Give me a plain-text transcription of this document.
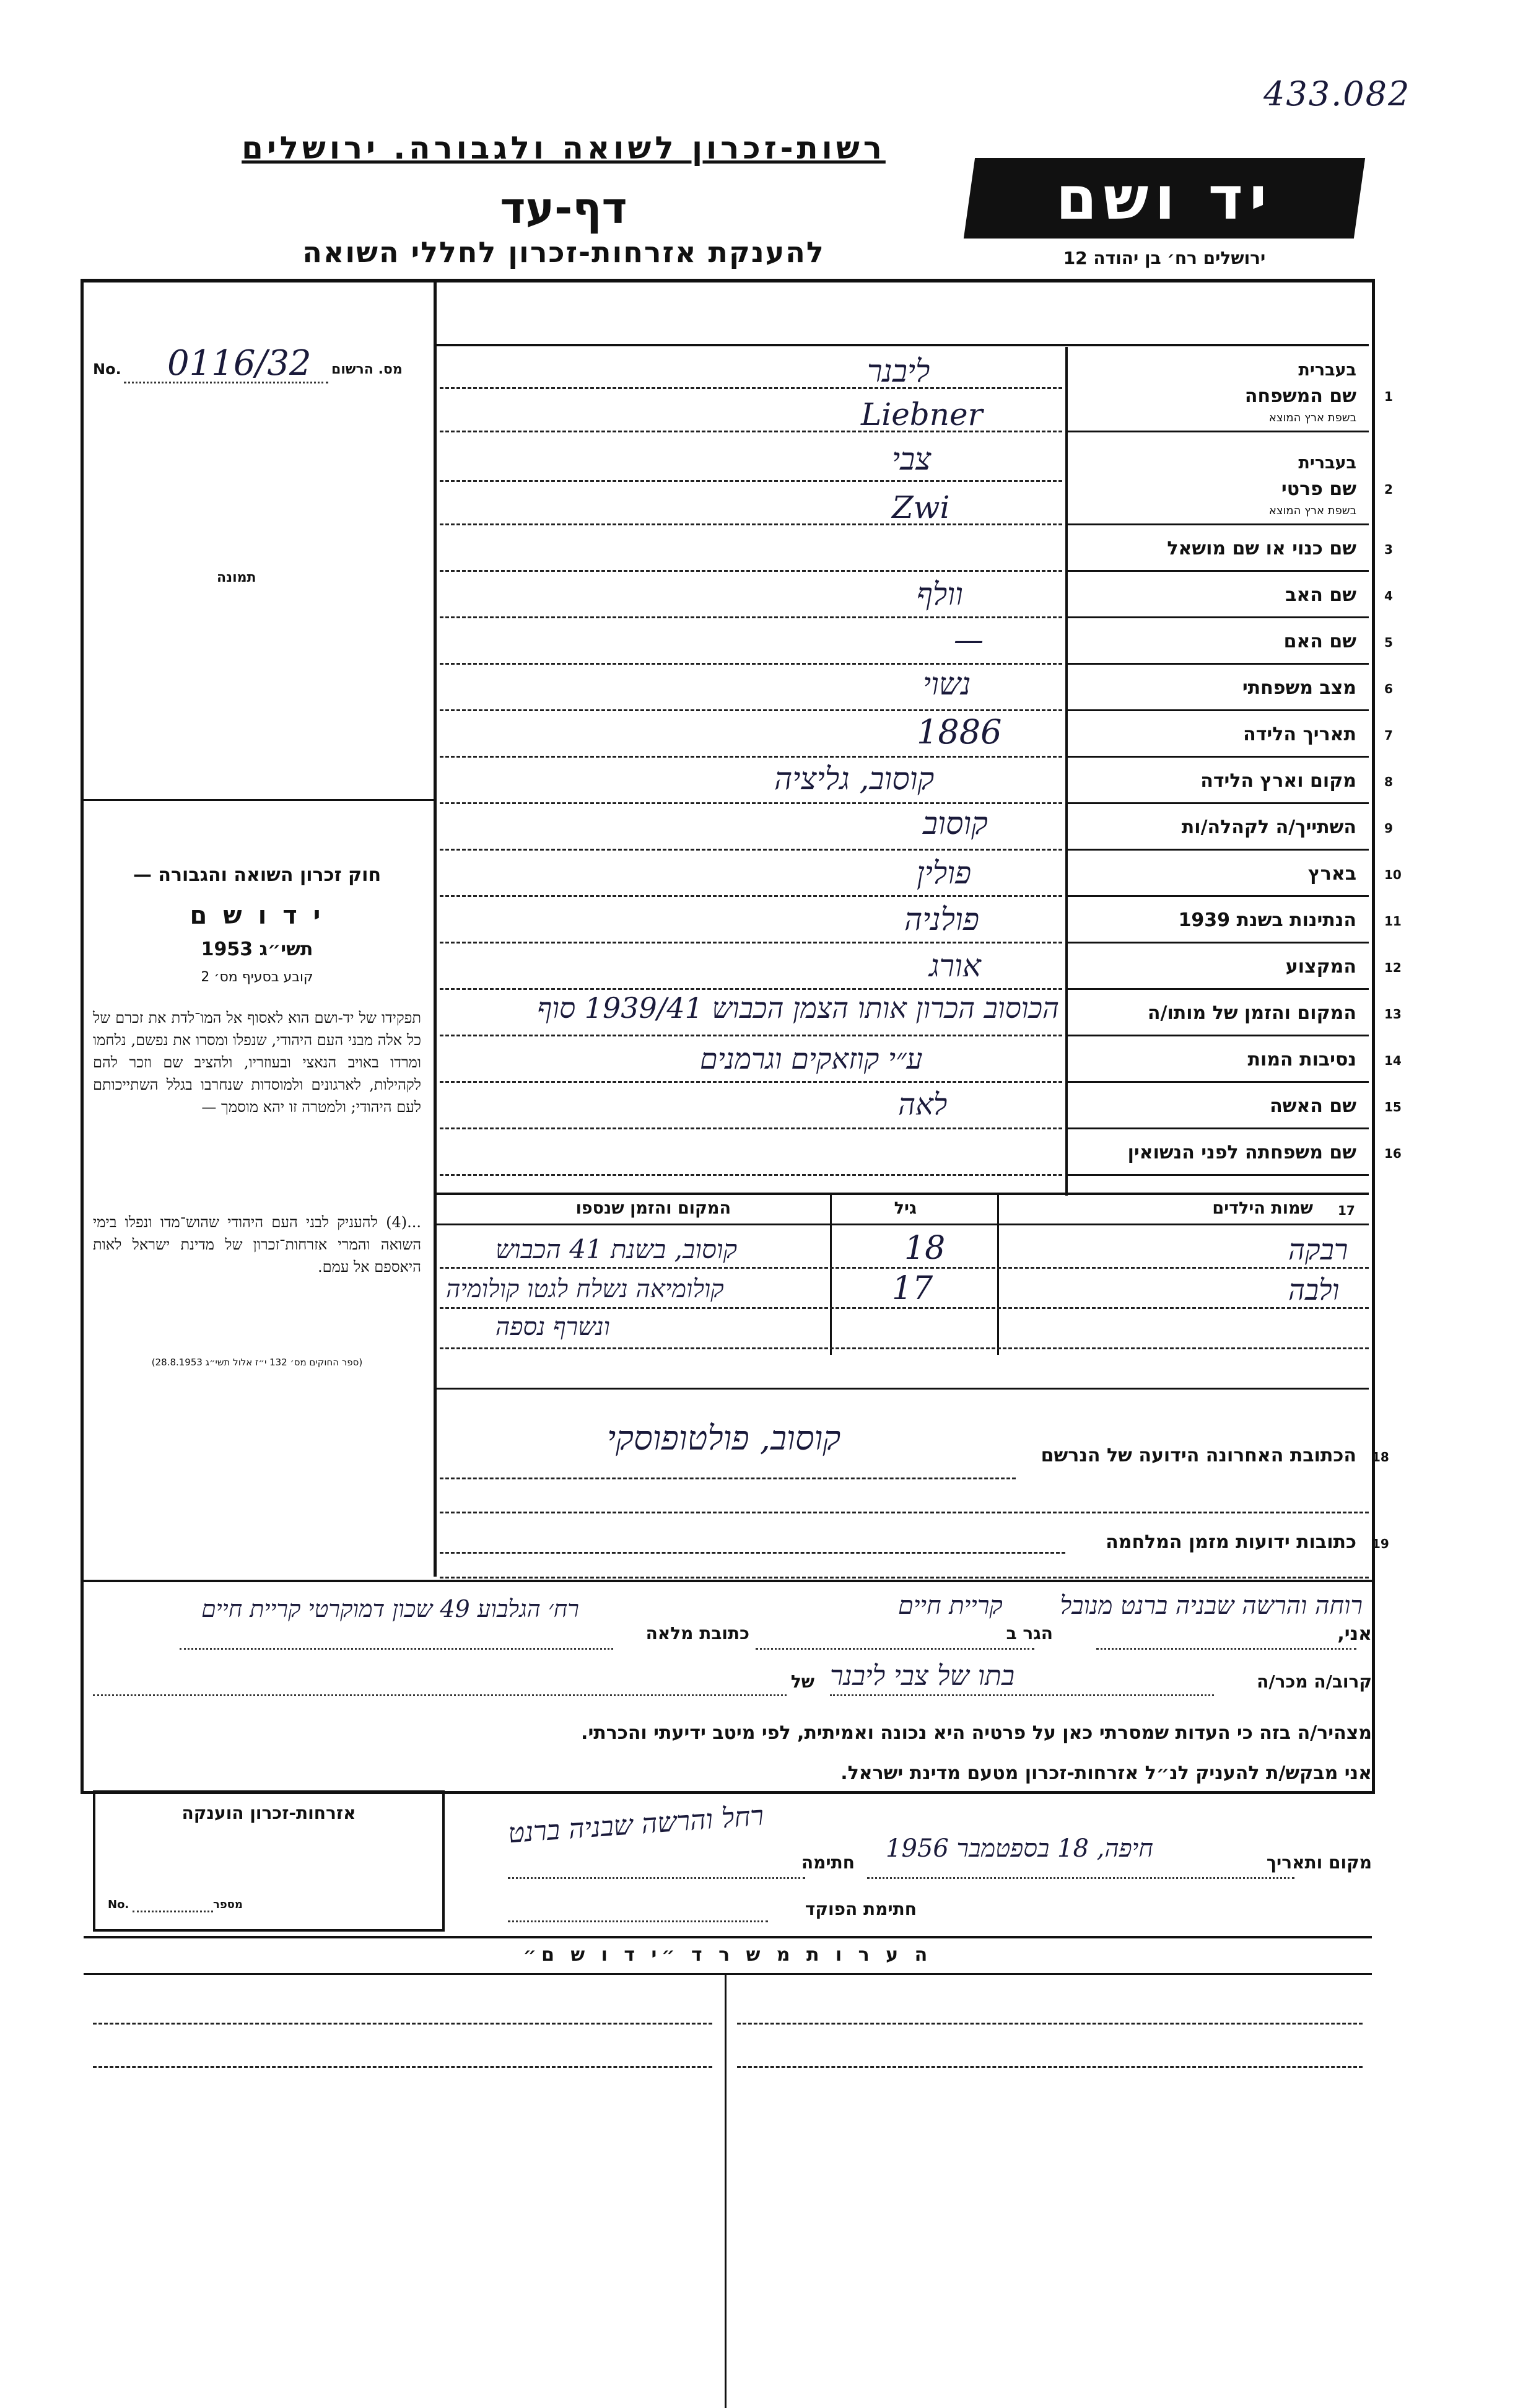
433.082
רשות-זכרון לשואה ולגבורה. ירושלים
דף-עד
להענקת אזרחות-זכרון לחללי השואה
יד ושם
ירושלים רח׳ בן יהודה 12
No. 0116/32 מס. הרשום
תמונה
חוק זכרון השואה והגבורה —
י ד ו ש ם
תשי״ג 1953
קובע בסעיף מס׳ 2
תפקידו של יד-ושם הוא לאסוף אל המו־לדת את זכרם של כל אלה מבני העם היהודי, שנפלו ומסרו את נפשם, נלחמו ומרדו באויב הנאצי ובעוזריו, ולהציב שם וזכר להם לקהילות, לארגונים ולמוסדות שנחרבו בגלל השתייכותם לעם היהודי; ולמטרה זו יהא מוסמך —
...(4) להעניק לבני העם היהודי שהוש־מדו ונפלו בימי השואה והמרי אזרחות־זכרון של מדינת ישראל לאות היאספם אל עמם.
(ספר החוקים מס׳ 132 י״ז אלול תשי״ג 28.8.1953)
1
בעברית
שם המשפחה
בשפת ארץ המוצא
ליבנר
Liebner
2
בעברית
שם פרטי
בשפת ארץ המוצא
צבי
Zwi
3
שם כנוי או שם מושאל
4
שם האב
וולף
5
שם האם
—
6
מצב משפחתי
נשוי
7
תאריך הלידה
1886
8
מקום וארץ הלידה
קוסוב, גליציה
9
השתייך/ה לקהלה/ות
קוסוב
10
בארץ
פולין
11
הנתינות בשנת 1939
פולניה
12
המקצוע
אורג
13
המקום והזמן של מותו/ה
הכוסוב הכרון אותו הצמן הכבוש 1939/41 סוף
14
נסיבות המות
ע״י קוזאקים וגרמנים
15
שם האשה
לאה
16
שם משפחתה לפני הנשואין
17
שמות הילדים
גיל
המקום והזמן שנספו
רבקה
18
קוסוב, בשנת 41 הכבוש
ולבה
17
קולומיאה נשלח לגטו קולומיה
ונשרף נספה
18
הכתובת האחרונה הידועה של הנרשם
קוסוב, פולטופוסקי
19
כתובות ידועות מזמן המלחמה
אני,
רוחה והרשה שבניה ברנט מנובל
הגר ב
קריית חיים
כתובת מלאה
רח׳ הגלבוע 49 שכון דמוקרטי קריית חיים
קרוב/ה מכר/ה
בתו של צבי ליבנר
של
מצהיר/ה בזה כי העדות שמסרתי כאן על פרטיה היא נכונה ואמיתית, לפי מיטב ידיעתי והכרתי.
אני מבקש/ת להעניק לנ״ל אזרחות-זכרון מטעם מדינת ישראל.
אזרחות-זכרון הוענקה
No.	מספר
מקום ותאריך
חיפה, 18 בספטמבר 1956
חתימה
רחל והרשה שבניה ברנט
חתימת הפוקד
ה ע ר ו ת מ ש ר ד ״י ד ו ש ם״
